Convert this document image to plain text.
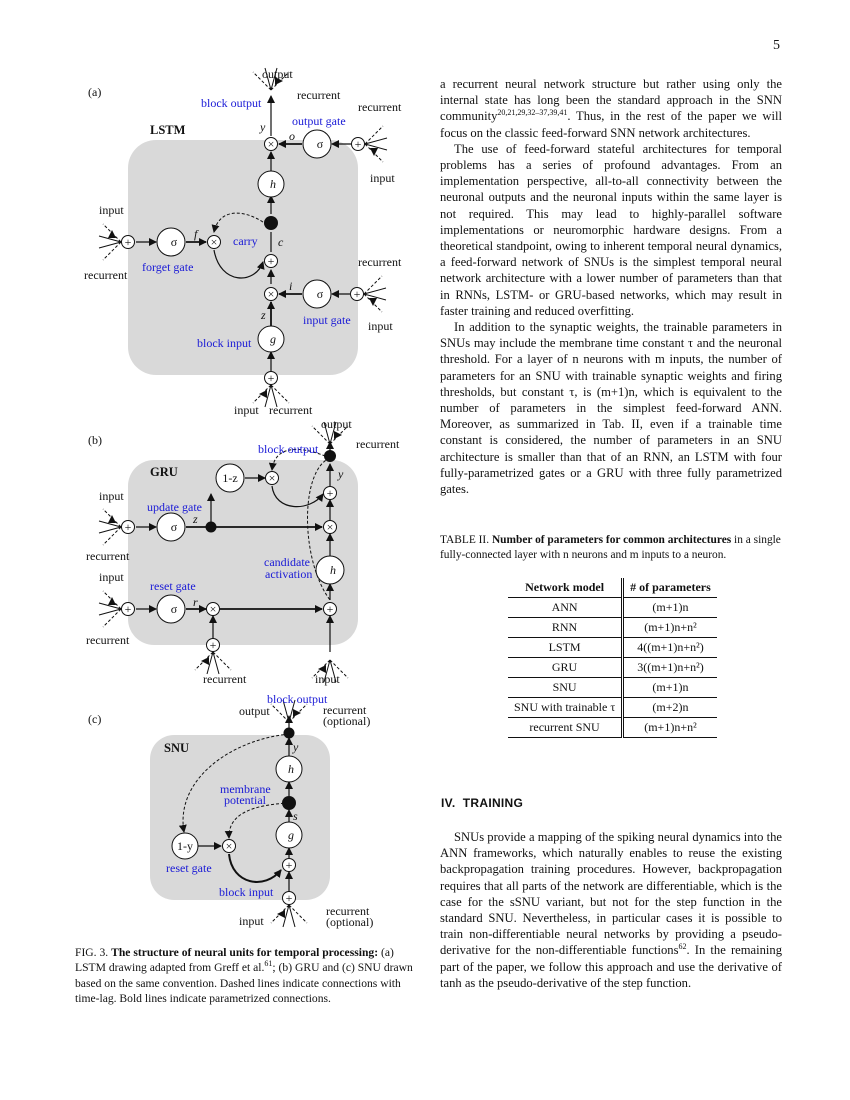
5
(a)
LSTM
×	σ	+
h
+
×	σ	+
g
+
+	σ	×
output
recurrent
block output	recurrent
output gate
y
o
input
input
recurrent
f	carry c
forget gate	recurrent
i
input gate
z
input
block input
input recurrent
(b)
GRU	×
1-z
+
×
h
+
+	σ
+	σ	×
+
output
block output	recurrent
y
input
update gate
z
recurrent	candidate
activation
input
reset gate
r
recurrent
recurrent	input
(c)
SNU
h
g
+
+
×
1-y
output
block output
recurrent
(optional)
y
membrane
potential
s
reset gate
block input
input
recurrent
(optional)
FIG. 3. The structure of neural units for temporal processing: (a) LSTM drawing adapted from Greff et al.$^{61}$; (b) GRU and (c) SNU drawn based on the same convention. Dashed lines indicate connections with time-lag. Bold lines indicate parametrized connections.

a recurrent neural network structure but rather using only the internal state has long been the standard approach in the SNN community$^{20,21,29,32-37,39,41}$. Thus, in the rest of the paper we will focus on the classic feed-forward SNN network architectures.

The use of feed-forward stateful architectures for temporal problems has a series of profound advantages. From an implementation perspective, all-to-all connectivity between the neuronal outputs and the neuronal inputs within the same layer is not required. This may lead to highly-parallel software implementations or neuromorphic hardware designs. From a theoretical standpoint, owing to inherent temporal neural dynamics, a feed-forward network of SNUs is the simplest temporal neural network architecture with a lower number of parameters than that in RNNs, LSTM- or GRU-based networks, which may result in faster training and reduced overfitting.

In addition to the synaptic weights, the trainable parameters in SNUs may include the membrane time constant τ and the neuronal threshold. For a layer of n neurons with m inputs, the number of parameters for an SNU with trainable synaptic weights and firing thresholds, but constant τ, is (m+1)n, which is equivalent to the number of parameters in the simplest feed-forward ANN. Moreover, as summarized in Tab. II, even if a trainable time constant is considered, the number of parameters in an SNU architecture is smaller than that of an RNN, an LSTM with four fully-parametrized gates or a GRU with three fully parametrized gates.

TABLE II. Number of parameters for common architectures in a single fully-connected layer with n neurons and m inputs to a neuron.
Network model	# of parameters
ANN	(m+1)n
RNN	(m+1)n+n²
LSTM	4((m+1)n+n²)
GRU	3((m+1)n+n²)
SNU	(m+1)n
SNU with trainable τ	(m+2)n
recurrent SNU	(m+1)n+n²
IV. TRAINING

SNUs provide a mapping of the spiking neural dynamics into the ANN frameworks, which naturally enables to reuse the existing backpropagation training procedures. However, backpropagation requires that all parts of the network are differentiable, which is the case for the sSNU variant, but not for the step function in the standard SNU. Nevertheless, in particular cases it is possible to train non-differentiable neural networks by providing a pseudo-derivative for the non-differentiable functions$^{62}$. In the remaining part of the paper, we follow this approach and use the derivative of tanh as the pseudo-derivative of the step function.
